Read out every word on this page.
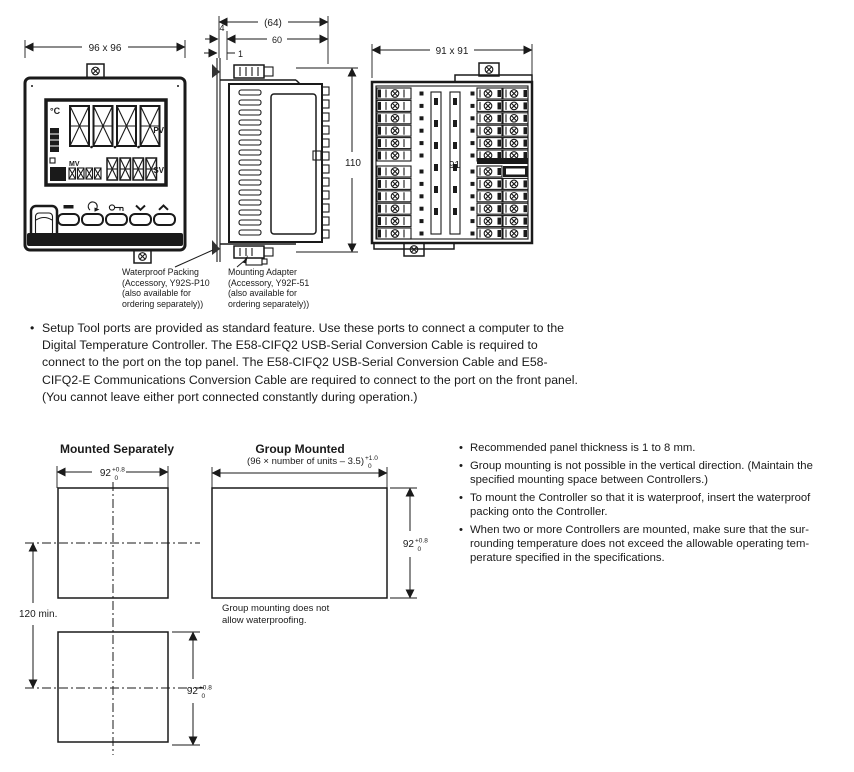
96 x 96
°C
PV
MV
SV
OMRON	E5AC
(64)
60
4
1
110
91 x 91
91
Waterproof Packing
(Accessory, Y92S-P10
(also available for
ordering separately))
Mounting Adapter
(Accessory, Y92F-51
(also available for
ordering separately))
• Setup Tool ports are provided as standard feature. Use these ports to connect a computer to the
Digital Temperature Controller. The E58-CIFQ2 USB-Serial Conversion Cable is required to
connect to the port on the top panel. The E58-CIFQ2 USB-Serial Conversion Cable and E58-
CIFQ2-E Communications Conversion Cable are required to connect to the port on the front panel.
(You cannot leave either port connected constantly during operation.)
Mounted Separately	Group Mounted
(96 × number of units – 3.5) +1.0
0
92 +0.8
0
120 min.
92 +0.8
0
92 +0.8
0
Group mounting does not
allow waterproofing.
• Recommended panel thickness is 1 to 8 mm.
• Group mounting is not possible in the vertical direction. (Maintain the
specified mounting space between Controllers.)
• To mount the Controller so that it is waterproof, insert the waterproof
packing onto the Controller.
• When two or more Controllers are mounted, make sure that the sur-
rounding temperature does not exceed the allowable operating tem-
perature specified in the specifications.
